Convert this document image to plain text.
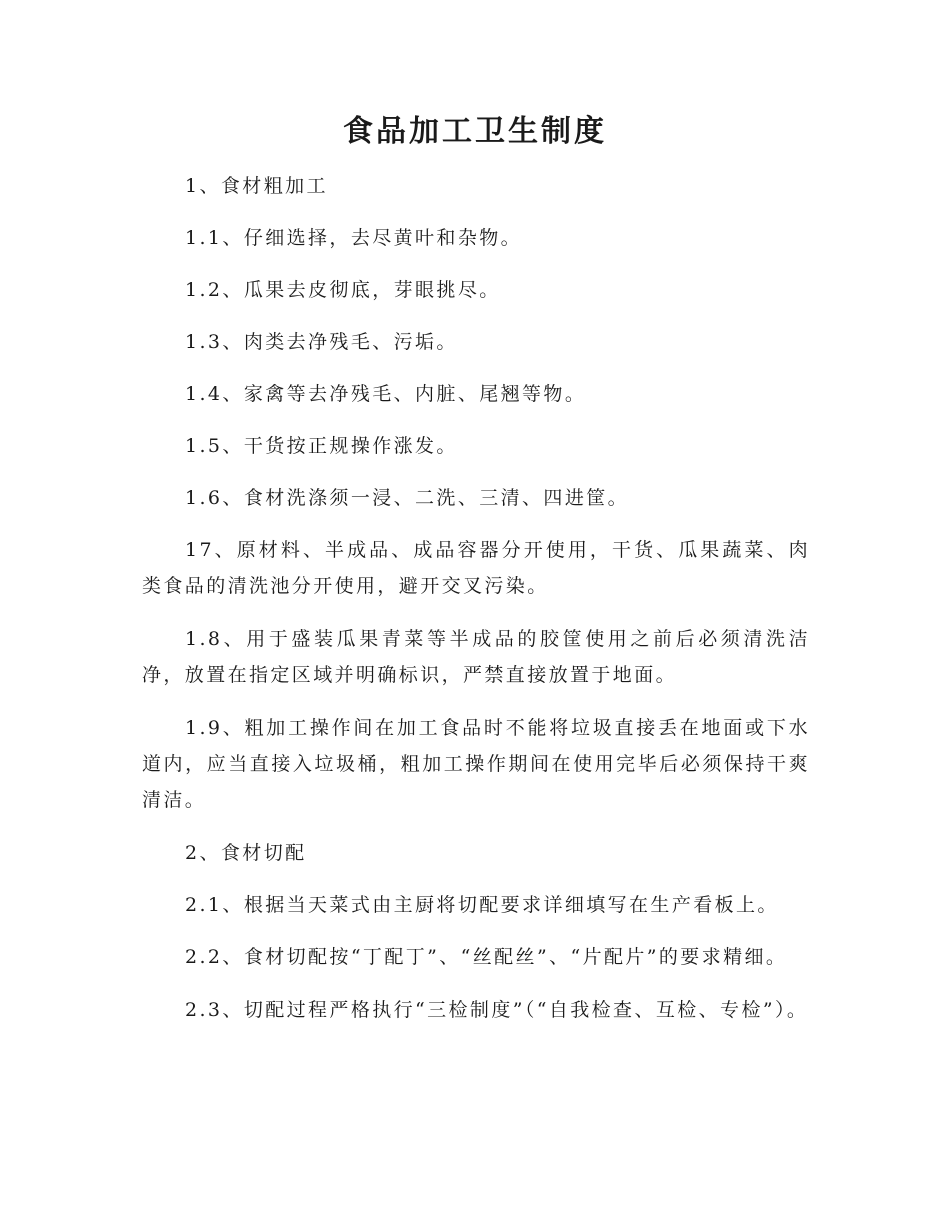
食品加工卫生制度

1、食材粗加工

1.1、仔细选择，去尽黄叶和杂物。

1.2、瓜果去皮彻底，芽眼挑尽。

1.3、肉类去净残毛、污垢。

1.4、家禽等去净残毛、内脏、尾翘等物。

1.5、干货按正规操作涨发。

1.6、食材洗涤须一浸、二洗、三清、四进筐。

17、原材料、半成品、成品容器分开使用，干货、瓜果蔬菜、肉类食品的清洗池分开使用，避开交叉污染。

1.8、用于盛装瓜果青菜等半成品的胶筐使用之前后必须清洗洁净，放置在指定区域并明确标识，严禁直接放置于地面。

1.9、粗加工操作间在加工食品时不能将垃圾直接丢在地面或下水道内，应当直接入垃圾桶，粗加工操作期间在使用完毕后必须保持干爽清洁。

2、食材切配

2.1、根据当天菜式由主厨将切配要求详细填写在生产看板上。

2.2、食材切配按“丁配丁”、“丝配丝”、“片配片”的要求精细。

2.3、切配过程严格执行“三检制度”（“自我检查、互检、专检”）。
